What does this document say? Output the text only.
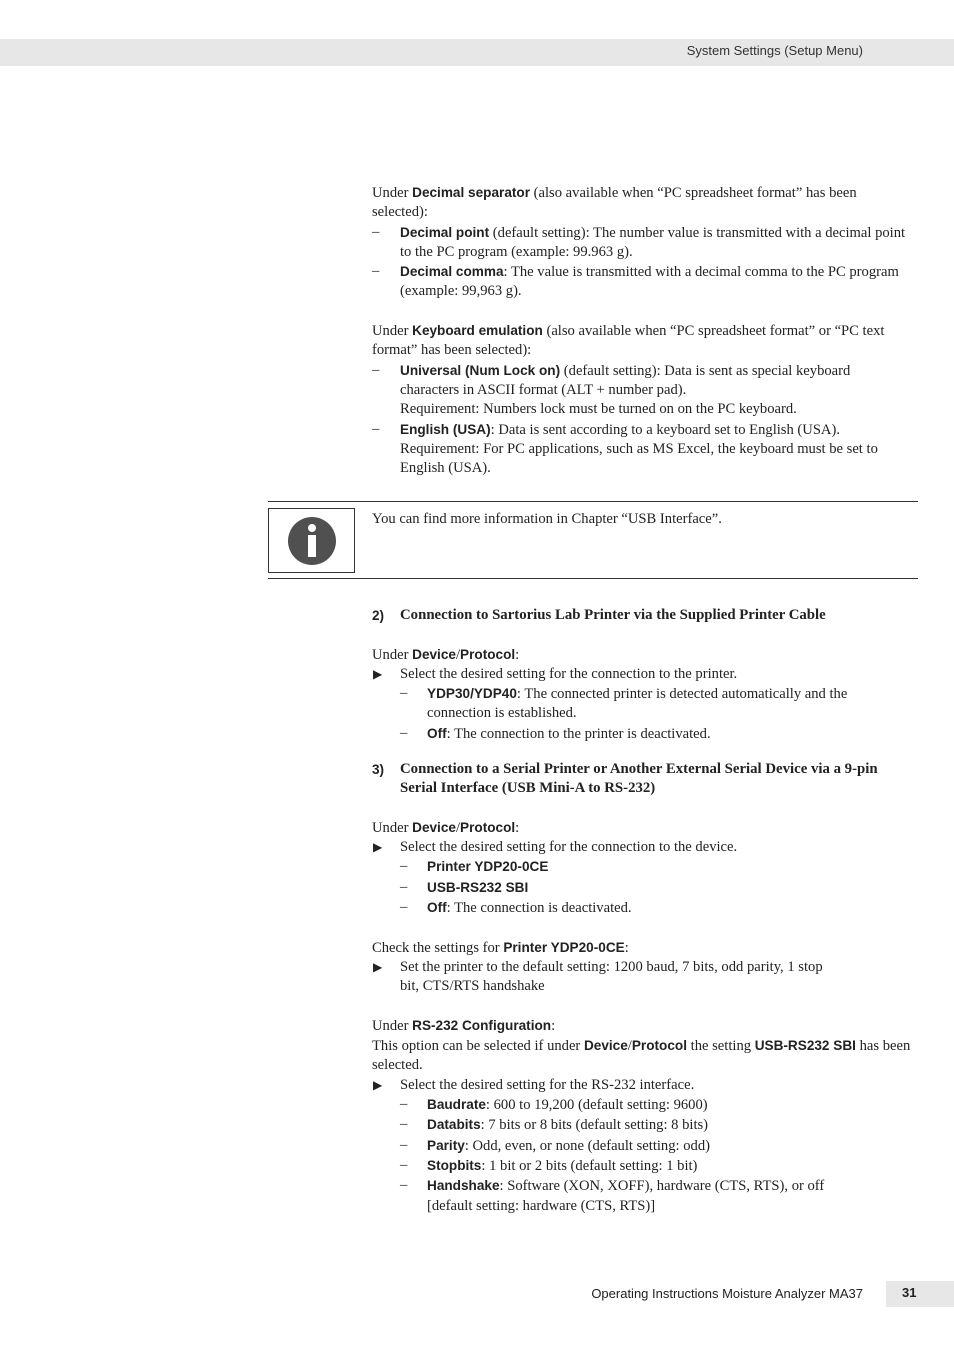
System Settings (Setup Menu)

Under Decimal separator (also available when “PC spreadsheet format” has been selected):

– Decimal point (default setting): The number value is transmitted with a decimal point to the PC program (example: 99.963 g).
– Decimal comma: The value is transmitted with a decimal comma to the PC program (example: 99,963 g).

Under Keyboard emulation (also available when “PC spreadsheet format” or “PC text format” has been selected):

– Universal (Num Lock on) (default setting): Data is sent as special keyboard characters in ASCII format (ALT + number pad).
Requirement: Numbers lock must be turned on on the PC keyboard.
– English (USA): Data is sent according to a keyboard set to English (USA). Requirement: For PC applications, such as MS Excel, the keyboard must be set to English (USA).
You can find more information in Chapter “USB Interface”.
2) Connection to Sartorius Lab Printer via the Supplied Printer Cable

Under Device/Protocol:

▶ Select the desired setting for the connection to the printer.
– YDP30/YDP40: The connected printer is detected automatically and the connection is established.
– Off: The connection to the printer is deactivated.
3) Connection to a Serial Printer or Another External Serial Device via a 9-pin Serial Interface (USB Mini-A to RS-232)

Under Device/Protocol:

▶ Select the desired setting for the connection to the device.
– Printer YDP20-0CE
– USB-RS232 SBI
– Off: The connection is deactivated.

Check the settings for Printer YDP20-0CE:

▶ Set the printer to the default setting: 1200 baud, 7 bits, odd parity, 1 stop bit, CTS/RTS handshake

Under RS-232 Configuration:

This option can be selected if under Device/Protocol the setting USB-RS232 SBI has been selected.

▶ Select the desired setting for the RS-232 interface.
– Baudrate: 600 to 19,200 (default setting: 9600)
– Databits: 7 bits or 8 bits (default setting: 8 bits)
– Parity: Odd, even, or none (default setting: odd)
– Stopbits: 1 bit or 2 bits (default setting: 1 bit)
– Handshake: Software (XON, XOFF), hardware (CTS, RTS), or off [default setting: hardware (CTS, RTS)]
Operating Instructions Moisture Analyzer MA37	31
